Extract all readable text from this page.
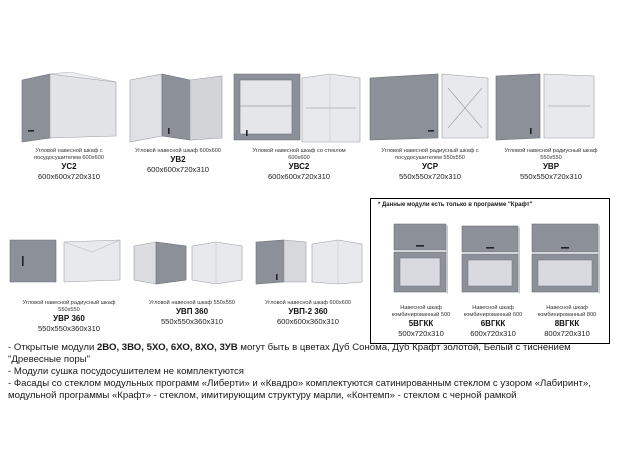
Угловой навесной шкаф с посудосушителем 600x600
УС2
600x600x720x310
Угловой навесной шкаф 600x600
УВ2
600x600x720x310
Угловой навесной шкаф со стеклом 600x600
УВС2
600x600x720x310
Угловой навесной радиусный шкаф с посудосушителем 550x550
УСР
550x550x720x310
Угловой навесной радиусный шкаф 550x550
УВР
550x550x720x310
Угловой навесной радиусный шкаф 550x550
УВР 360
550x550x360x310
Угловой навесной шкаф 550x550
УВП 360
550x550x360x310
Угловой навесной шкаф 600x600
УВП-2 360
600x600x360x310
* Данные модули есть только в программе "Крафт"
Навесной шкаф комбинированный 500
5ВГКК
500x720x310
Навесной шкаф комбинированный 600
6ВГКК
600x720x310
Навесной шкаф комбинированный 800
8ВГКК
800x720x310
- Открытые модули 2ВО, 3ВО, 5ХО, 6ХО, 8ХО, 3УВ могут быть в цветах Дуб Сонома, Дуб Крафт золотой, Белый с тиснением "Древесные поры"
- Модули сушка посудосушителем не комплектуются
- Фасады со стеклом модульных программ «Либерти» и «Квадро» комплектуются сатинированным стеклом с узором «Лабиринт», модульной программы «Крафт» - стеклом, имитирующим структуру марли, «Контемп» - стеклом с черной рамкой
